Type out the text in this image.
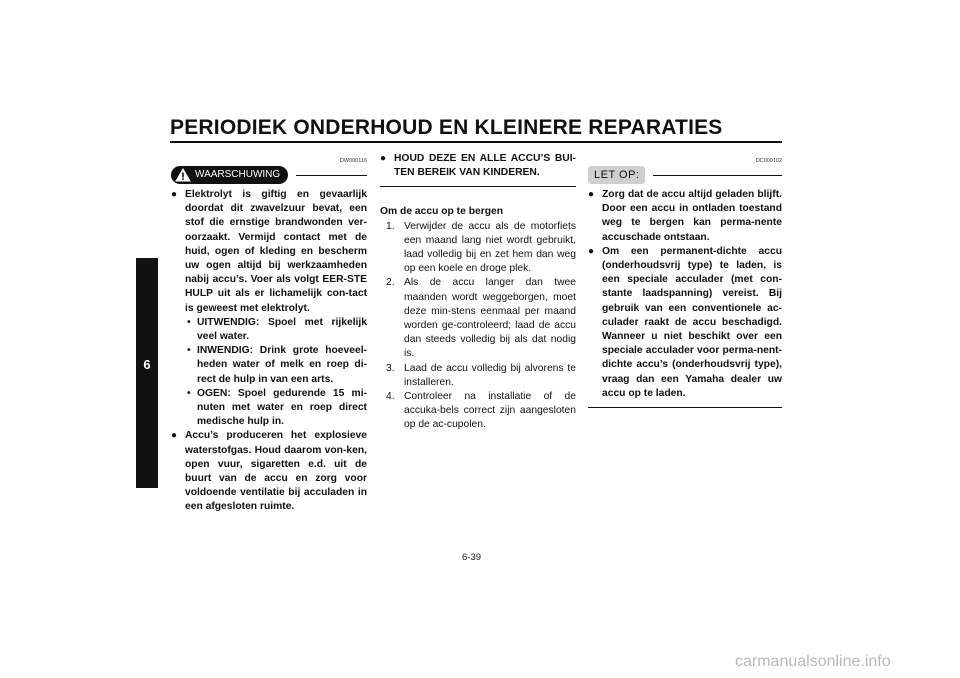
PERIODIEK ONDERHOUD EN KLEINERE REPARATIES
6
DW000116
WAARSCHUWING
● Elektrolyt is giftig en gevaarlijk doordat dit zwavelzuur bevat, een stof die ernstige brandwonden ver-oorzaakt. Vermijd contact met de huid, ogen of kleding en bescherm uw ogen altijd bij werkzaamheden nabij accu’s. Voer als volgt EER-STE HULP uit als er lichamelijk con-tact is geweest met elektrolyt.
• UITWENDIG: Spoel met rijkelijk veel water.
• INWENDIG: Drink grote hoeveel-heden water of melk en roep di-rect de hulp in van een arts.
• OGEN: Spoel gedurende 15 mi-nuten met water en roep direct medische hulp in.
● Accu’s produceren het explosieve waterstofgas. Houd daarom von-ken, open vuur, sigaretten e.d. uit de buurt van de accu en zorg voor voldoende ventilatie bij acculaden in een afgesloten ruimte.
● HOUD DEZE EN ALLE ACCU’S BUI-TEN BEREIK VAN KINDEREN.
Om de accu op te bergen
1. Verwijder de accu als de motorfiets een maand lang niet wordt gebruikt, laad volledig bij en zet hem dan weg op een koele en droge plek.
2. Als de accu langer dan twee maanden wordt weggeborgen, moet deze min-stens eenmaal per maand worden ge-controleerd; laad de accu dan steeds volledig bij als dat nodig is.
3. Laad de accu volledig bij alvorens te installeren.
4. Controleer na installatie of de accuka-bels correct zijn aangesloten op de ac-cupolen.
DC000102
LET OP:
● Zorg dat de accu altijd geladen blijft. Door een accu in ontladen toestand weg te bergen kan perma-nente accuschade ontstaan.
● Om een permanent-dichte accu (onderhoudsvrij type) te laden, is een speciale acculader (met con-stante laadspanning) vereist. Bij gebruik van een conventionele ac-culader raakt de accu beschadigd. Wanneer u niet beschikt over een speciale acculader voor perma-nent-dichte accu’s (onderhoudsvrij type), vraag dan een Yamaha dealer uw accu op te laden.
6-39
carmanualsonline.info
